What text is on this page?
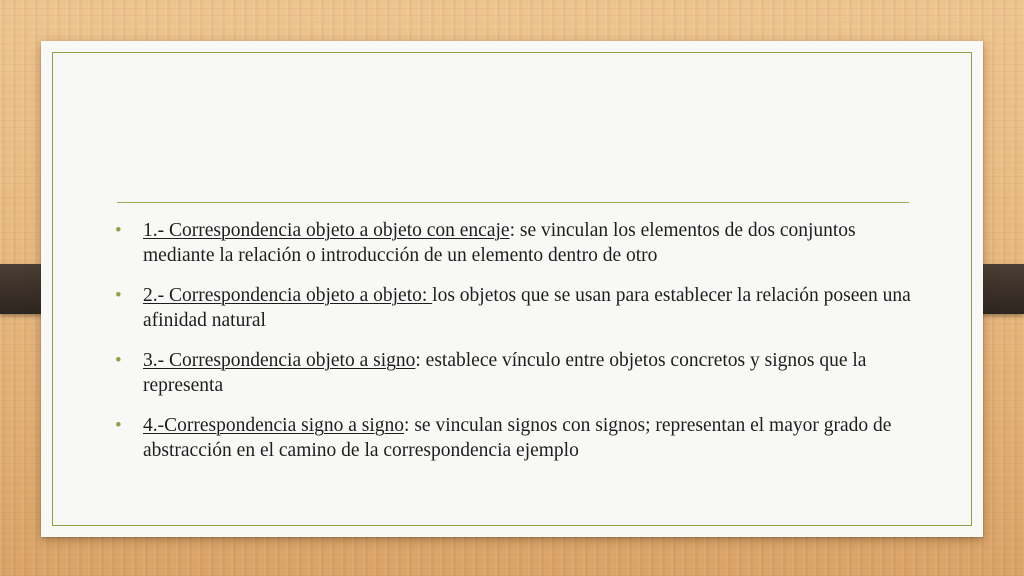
• 1.- Correspondencia objeto a objeto con encaje: se vinculan los elementos de dos conjuntos mediante la relación o introducción de un elemento dentro de otro
• 2.- Correspondencia objeto a objeto: los objetos que se usan para establecer la relación poseen una afinidad natural
• 3.- Correspondencia objeto a signo: establece vínculo entre objetos concretos y signos que la representa
• 4.-Correspondencia signo a signo: se vinculan signos con signos; representan el mayor grado de abstracción en el camino de la correspondencia ejemplo
